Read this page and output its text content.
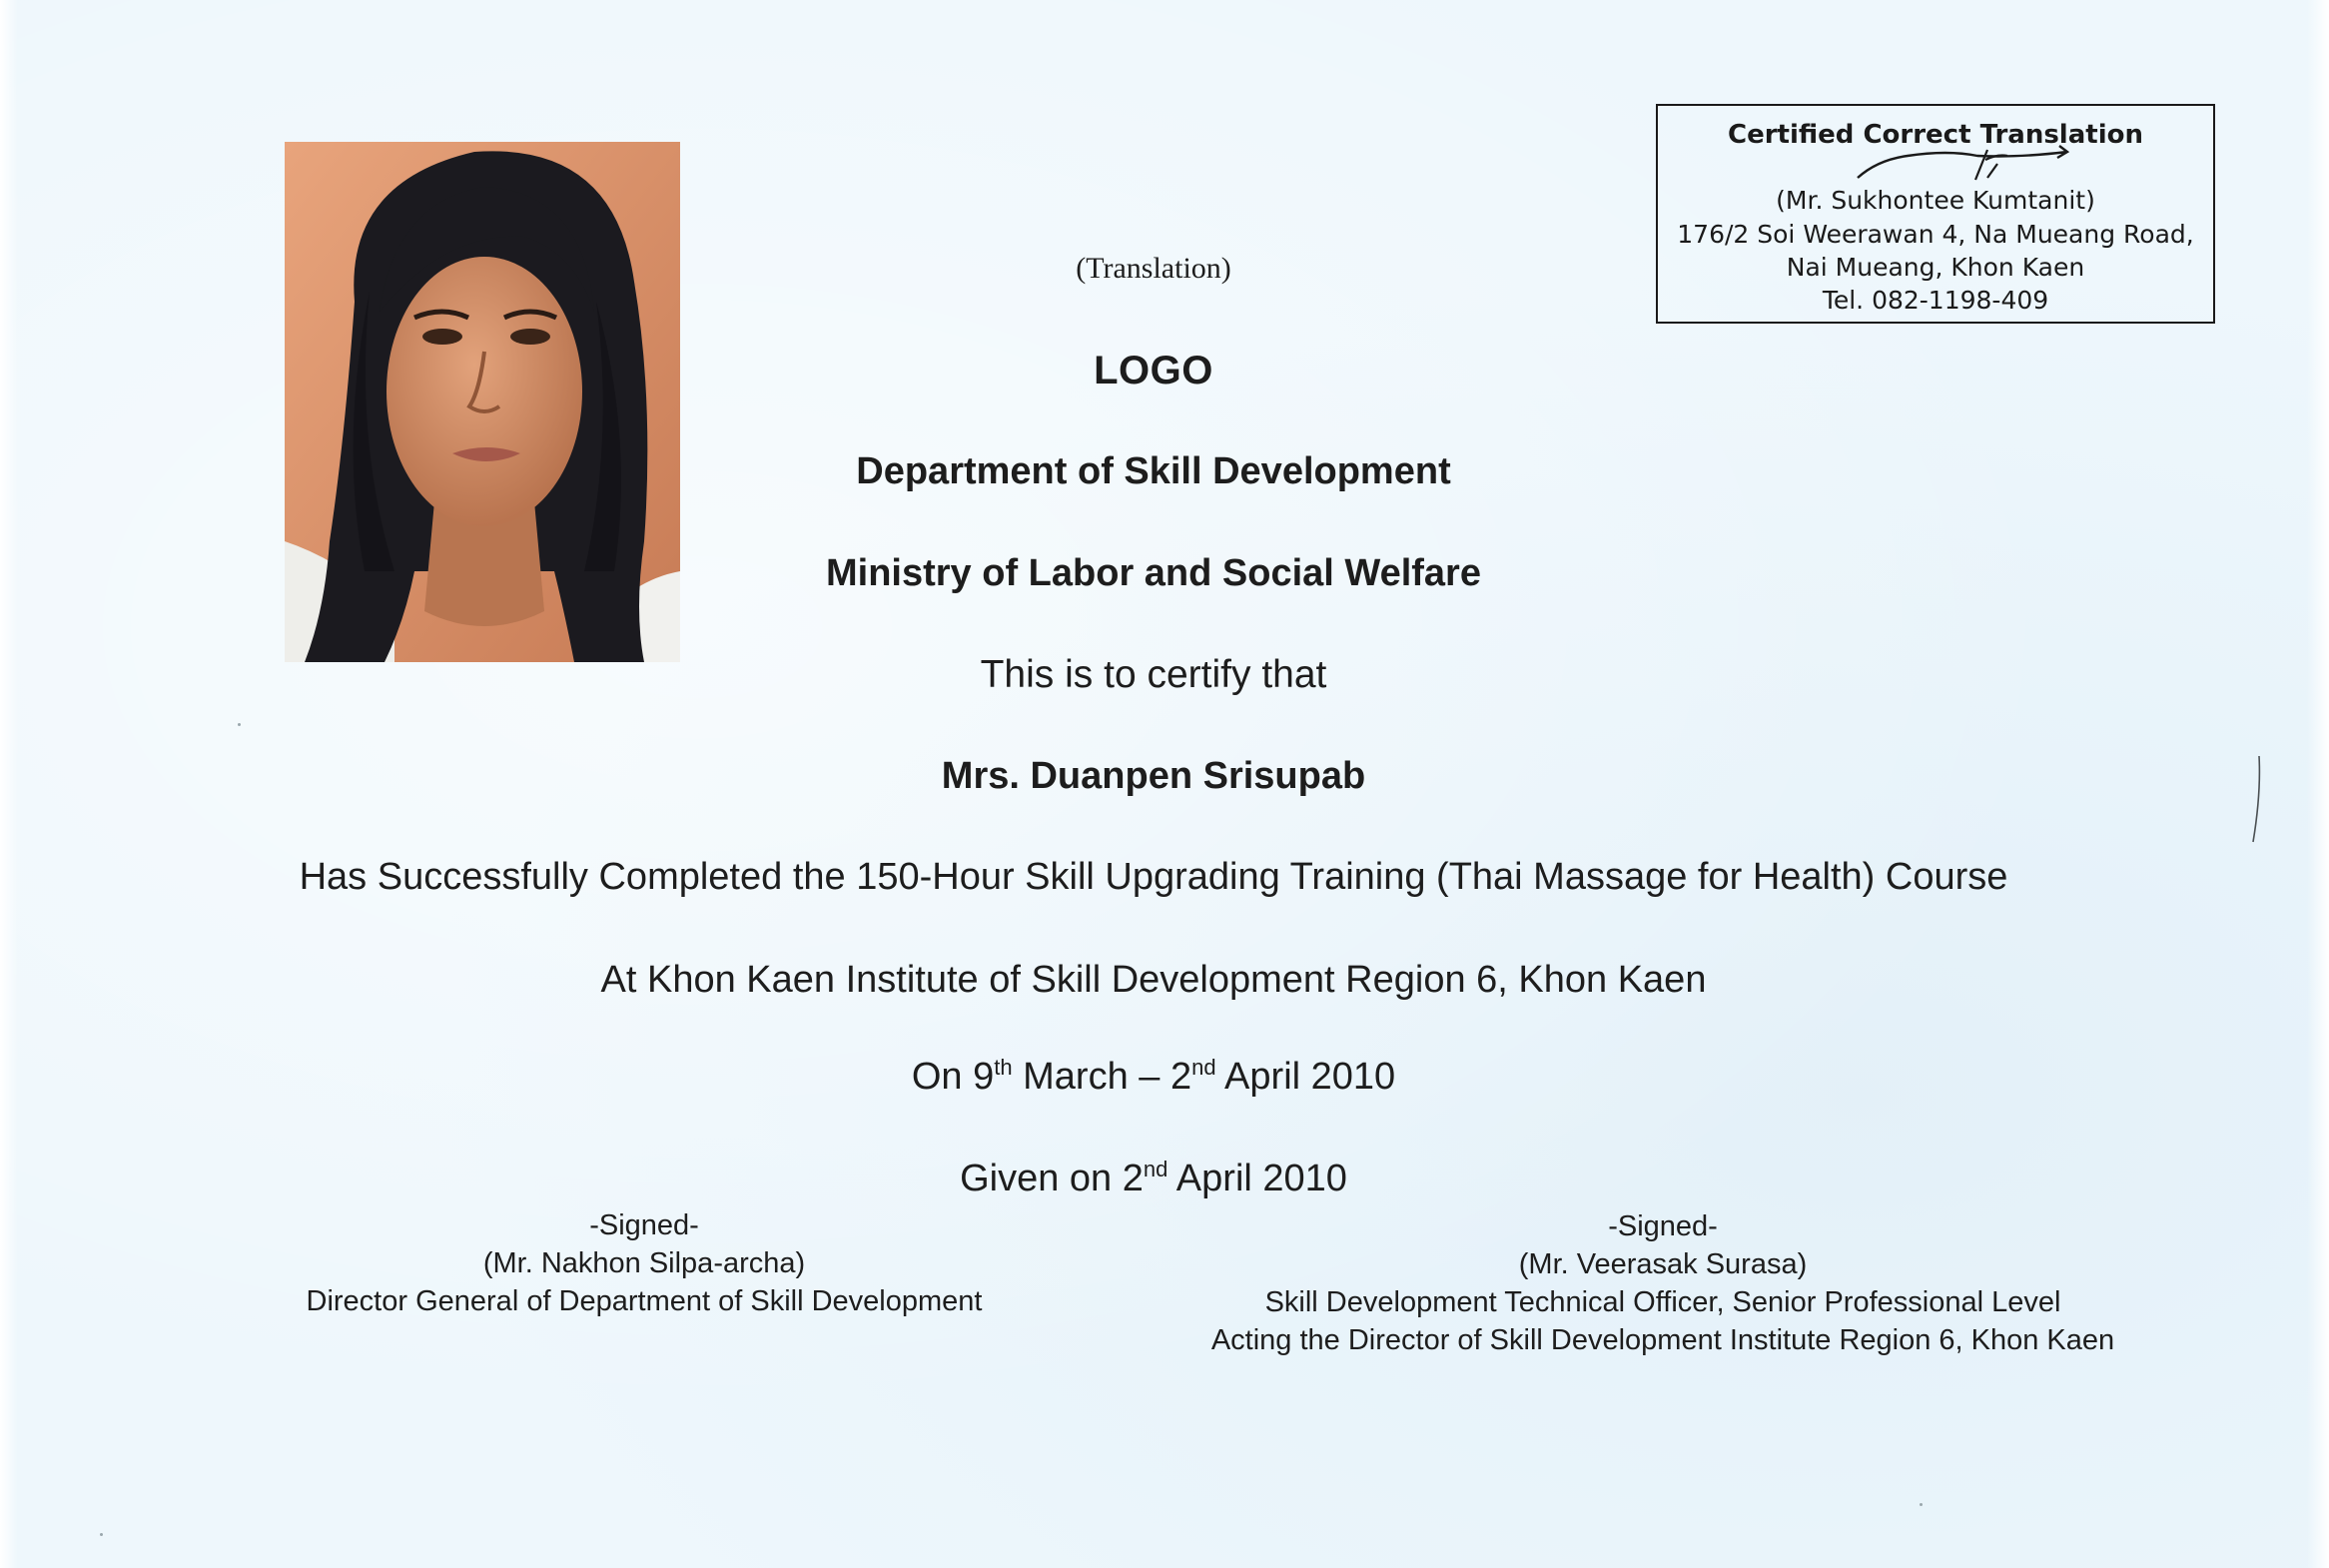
Certified Correct Translation
(Mr. Sukhontee Kumtanit)
176/2 Soi Weerawan 4, Na Mueang Road,
Nai Mueang, Khon Kaen
Tel. 082-1198-409
(Translation)
LOGO
Department of Skill Development
Ministry of Labor and Social Welfare
This is to certify that
Mrs. Duanpen Srisupab
Has Successfully Completed the 150-Hour Skill Upgrading Training (Thai Massage for Health) Course
At Khon Kaen Institute of Skill Development Region 6, Khon Kaen
On 9th March – 2nd April 2010
Given on 2nd April 2010
-Signed-
(Mr. Nakhon Silpa-archa)
Director General of Department of Skill Development
-Signed-
(Mr. Veerasak Surasa)
Skill Development Technical Officer, Senior Professional Level
Acting the Director of Skill Development Institute Region 6, Khon Kaen
